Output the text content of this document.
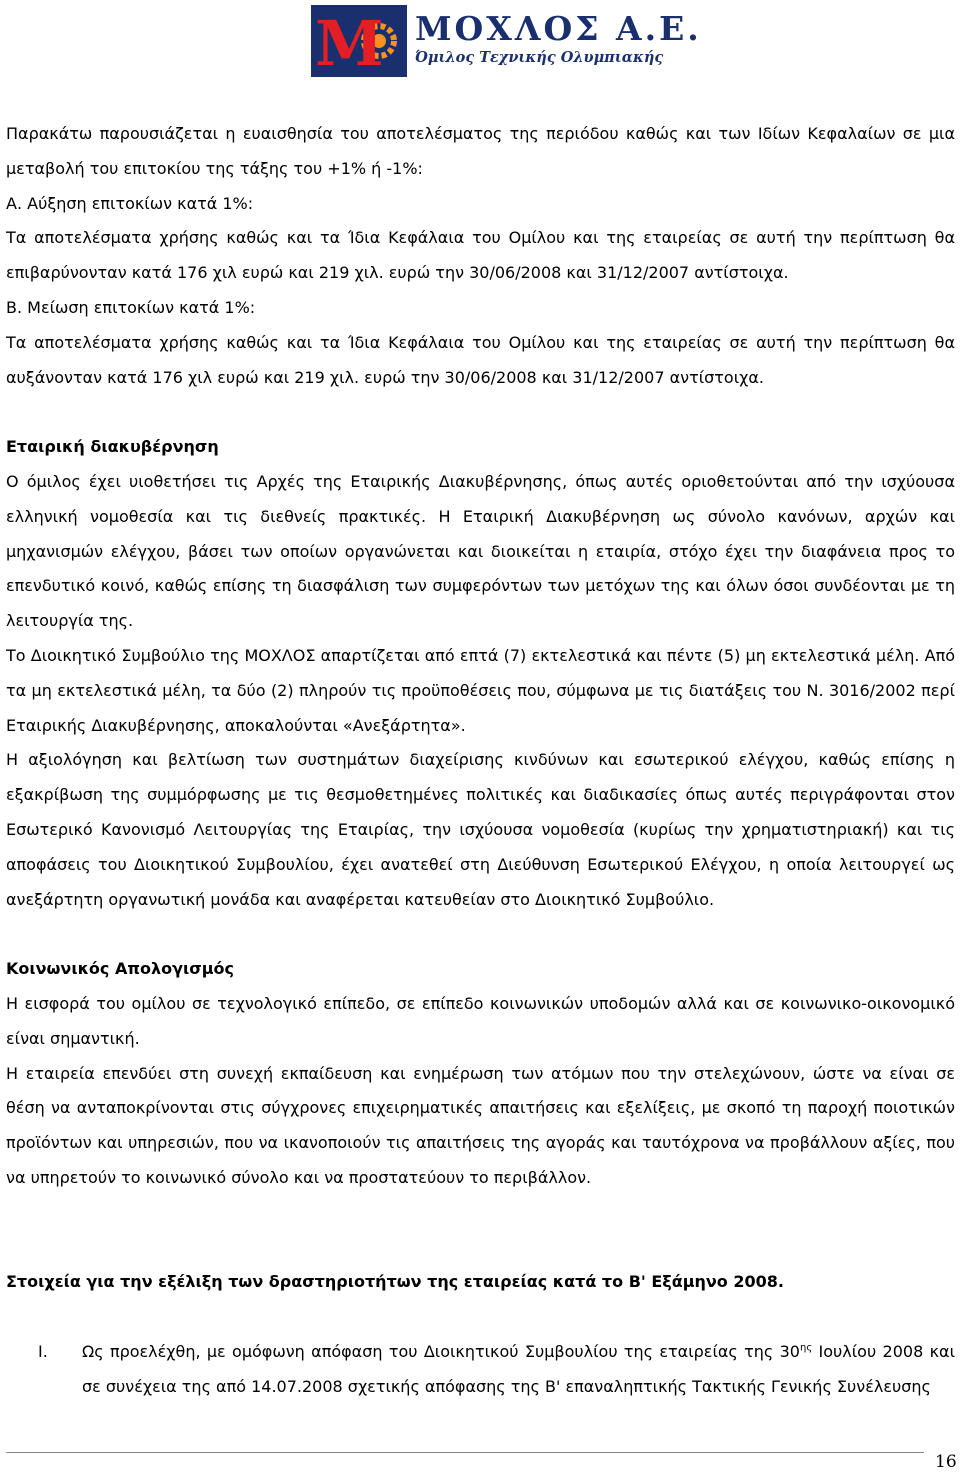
M ΜΟΧΛΟΣ Α.Ε.
Όμιλος Τεχνικής Ολυμπιακής

Παρακάτω παρουσιάζεται η ευαισθησία του αποτελέσματος της περιόδου καθώς και των Ιδίων Κεφαλαίων σε μια μεταβολή του επιτοκίου της τάξης του +1% ή -1%:

Α. Αύξηση επιτοκίων κατά 1%:

Τα αποτελέσματα χρήσης καθώς και τα Ίδια Κεφάλαια του Ομίλου και της εταιρείας σε αυτή την περίπτωση θα επιβαρύνονταν κατά 176 χιλ ευρώ και 219 χιλ. ευρώ την 30/06/2008 και 31/12/2007 αντίστοιχα.

Β. Μείωση επιτοκίων κατά 1%:

Τα αποτελέσματα χρήσης καθώς και τα Ίδια Κεφάλαια του Ομίλου και της εταιρείας σε αυτή την περίπτωση θα αυξάνονταν κατά 176 χιλ ευρώ και 219 χιλ. ευρώ την 30/06/2008 και 31/12/2007 αντίστοιχα.

Εταιρική διακυβέρνηση

Ο όμιλος έχει υιοθετήσει τις Αρχές της Εταιρικής Διακυβέρνησης, όπως αυτές οριοθετούνται από την ισχύουσα ελληνική νομοθεσία και τις διεθνείς πρακτικές. Η Εταιρική Διακυβέρνηση ως σύνολο κανόνων, αρχών και μηχανισμών ελέγχου, βάσει των οποίων οργανώνεται και διοικείται η εταιρία, στόχο έχει την διαφάνεια προς το επενδυτικό κοινό, καθώς επίσης τη διασφάλιση των συμφερόντων των μετόχων της και όλων όσοι συνδέονται με τη λειτουργία της.

Το Διοικητικό Συμβούλιο της ΜΟΧΛΟΣ απαρτίζεται από επτά (7) εκτελεστικά και πέντε (5) μη εκτελεστικά μέλη. Από τα μη εκτελεστικά μέλη, τα δύο (2) πληρούν τις προϋποθέσεις που, σύμφωνα με τις διατάξεις του Ν. 3016/2002 περί Εταιρικής Διακυβέρνησης, αποκαλούνται «Ανεξάρτητα».

Η αξιολόγηση και βελτίωση των συστημάτων διαχείρισης κινδύνων και εσωτερικού ελέγχου, καθώς επίσης η εξακρίβωση της συμμόρφωσης με τις θεσμοθετημένες πολιτικές και διαδικασίες όπως αυτές περιγράφονται στον Εσωτερικό Κανονισμό Λειτουργίας της Εταιρίας, την ισχύουσα νομοθεσία (κυρίως την χρηματιστηριακή) και τις αποφάσεις του Διοικητικού Συμβουλίου, έχει ανατεθεί στη Διεύθυνση Εσωτερικού Ελέγχου, η οποία λειτουργεί ως ανεξάρτητη οργανωτική μονάδα και αναφέρεται κατευθείαν στο Διοικητικό Συμβούλιο.

Κοινωνικός Απολογισμός

Η εισφορά του ομίλου σε τεχνολογικό επίπεδο, σε επίπεδο κοινωνικών υποδομών αλλά και σε κοινωνικο-οικονομικό είναι σημαντική.

Η εταιρεία επενδύει στη συνεχή εκπαίδευση και ενημέρωση των ατόμων που την στελεχώνουν, ώστε να είναι σε θέση να ανταποκρίνονται στις σύγχρονες επιχειρηματικές απαιτήσεις και εξελίξεις, με σκοπό τη παροχή ποιοτικών προϊόντων και υπηρεσιών, που να ικανοποιούν τις απαιτήσεις της αγοράς και ταυτόχρονα να προβάλλουν αξίες, που να υπηρετούν το κοινωνικό σύνολο και να προστατεύουν το περιβάλλον.

Στοιχεία για την εξέλιξη των δραστηριοτήτων της εταιρείας κατά το Β' Εξάμηνο 2008.

I.	Ως προελέχθη, με ομόφωνη απόφαση του Διοικητικού Συμβουλίου της εταιρείας της $30^{\eta\varsigma}$ Ιουλίου 2008 και σε συνέχεια της από 14.07.2008 σχετικής απόφασης της Β' επαναληπτικής Τακτικής Γενικής Συνέλευσης
16
